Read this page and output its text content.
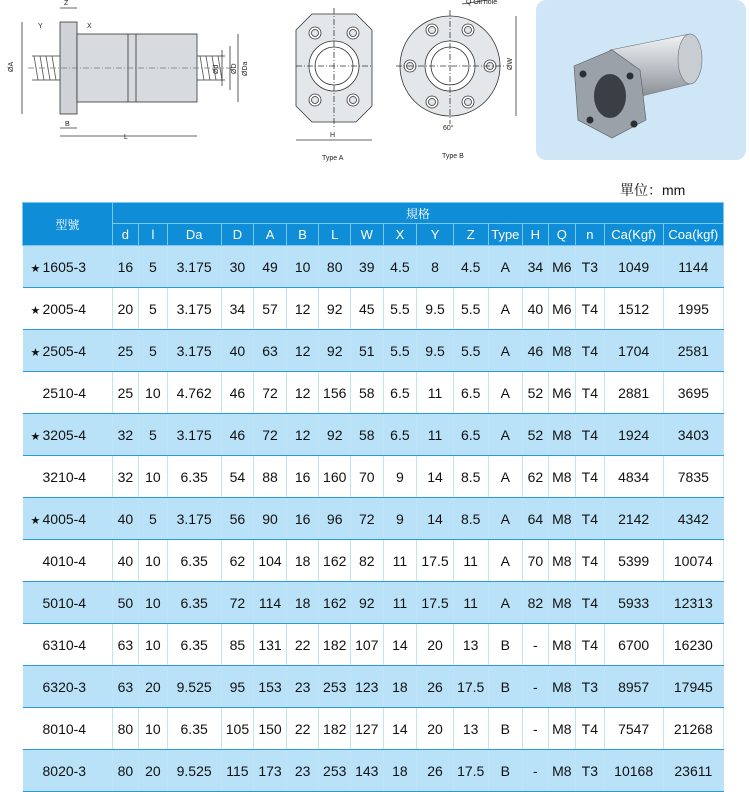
ØA
Y	X
Z
Ød ØD ØDa
B
L	H
Type A
Q Oil hole
ØW
60°
Type B
單位：mm
型號	規格																
	d	l	Da	D	A	B	L	W	X	Y	Z	Type	H	Q	n	Ca(Kgf)	Coa(kgf)
★ 1605-3	16	5	3.175	30	49	10	80	39	4.5	8	4.5	A	34	M6	T3	1049	1144
★ 2005-4	20	5	3.175	34	57	12	92	45	5.5	9.5	5.5	A	40	M6	T4	1512	1995
★ 2505-4	25	5	3.175	40	63	12	92	51	5.5	9.5	5.5	A	46	M8	T4	1704	2581
2510-4	25	10	4.762	46	72	12	156	58	6.5	11	6.5	A	52	M6	T4	2881	3695
★ 3205-4	32	5	3.175	46	72	12	92	58	6.5	11	6.5	A	52	M8	T4	1924	3403
3210-4	32	10	6.35	54	88	16	160	70	9	14	8.5	A	62	M8	T4	4834	7835
★ 4005-4	40	5	3.175	56	90	16	96	72	9	14	8.5	A	64	M8	T4	2142	4342
4010-4	40	10	6.35	62	104	18	162	82	11	17.5	11	A	70	M8	T4	5399	10074
5010-4	50	10	6.35	72	114	18	162	92	11	17.5	11	A	82	M8	T4	5933	12313
6310-4	63	10	6.35	85	131	22	182	107	14	20	13	B	-	M8	T4	6700	16230
6320-3	63	20	9.525	95	153	23	253	123	18	26	17.5	B	-	M8	T3	8957	17945
8010-4	80	10	6.35	105	150	22	182	127	14	20	13	B	-	M8	T4	7547	21268
8020-3	80	20	9.525	115	173	23	253	143	18	26	17.5	B	-	M8	T3	10168	23611
